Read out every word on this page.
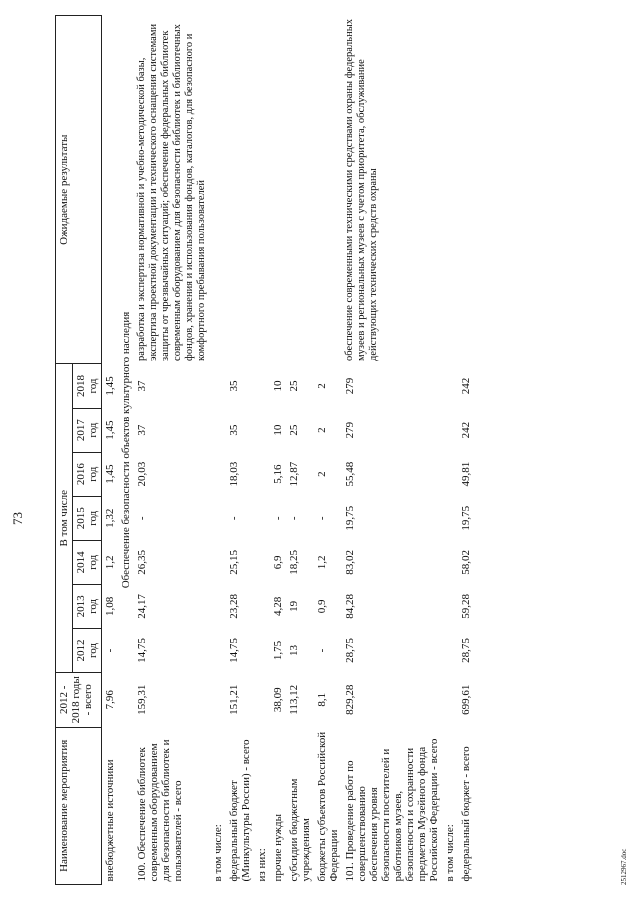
73
Наименование мероприятия	2012 - 2018 годы - всего	В том числе							Ожидаемые результаты
		2012 год	2013 год	2014 год	2015 год	2016 год	2017 год	2018 год	
внебюджетные источники	7,96	-	1,08	1,2	1,32	1,45	1,45	1,45	
Обеспечение безопасности объектов культурного наследия									
100. Обеспечение библиотек современным оборудованием для безопасности библиотек и пользователей - всего	159,31	14,75	24,17	26,35	-	20,03	37	37	разработка и экспертиза нормативной и учебно-методической базы, экспертиза проектной документации и технического оснащения системами защиты от чрезвычайных ситуаций; обеспечение федеральных библиотек современным оборудованием для безопасности библиотек и библиотечных фондов, хранения и использования фондов, каталогов, для безопасного и комфортного пребывания пользователей
в том числе:									
федеральный бюджет (Минкультуры России) - всего	151,21	14,75	23,28	25,15	-	18,03	35	35	
из них:									
прочие нужды	38,09	1,75	4,28	6,9	-	5,16	10	10	
субсидии бюджетным учреждениям	113,12	13	19	18,25	-	12,87	25	25	
бюджеты субъектов Российской Федерации	8,1	-	0,9	1,2	-	2	2	2	
101. Проведение работ по совершенствованию обеспечения уровня безопасности посетителей и работников музеев, безопасности и сохранности предметов Музейного фонда Российской Федерации - всего	829,28	28,75	84,28	83,02	19,75	55,48	279	279	обеспечение современными техническими средствами охраны федеральных музеев и региональных музеев с учетом приоритета, обслуживание действующих технических средств охраны
в том числе:									
федеральный бюджет - всего	699,61	28,75	59,28	58,02	19,75	49,81	242	242	
2512967.doc
